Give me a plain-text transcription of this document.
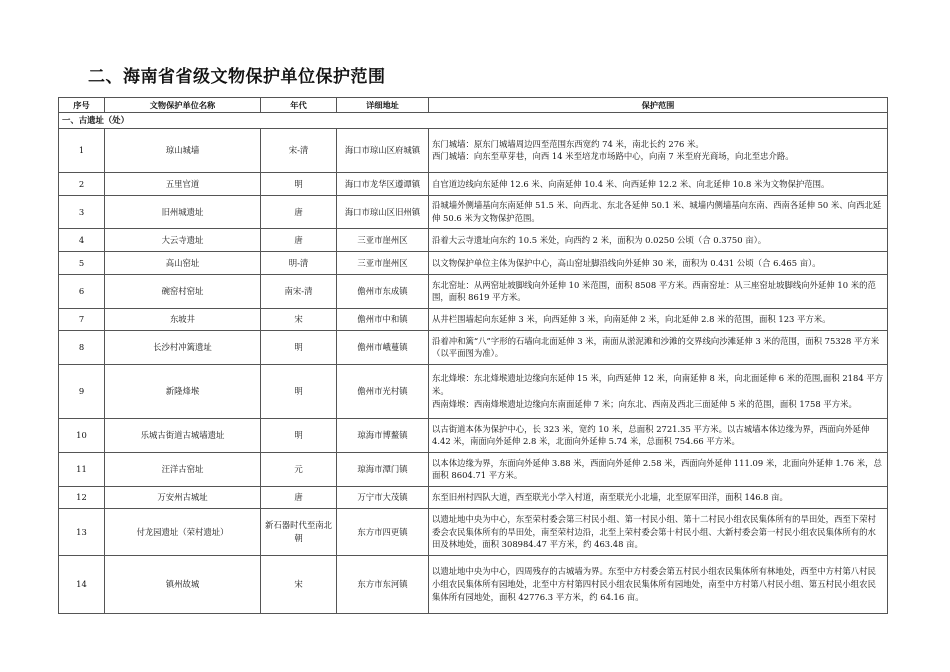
二、海南省省级文物保护单位保护范围
序号	文物保护单位名称	年代	详细地址	保护范围
一、古遗址（处）				
1	琼山城墙	宋-清	海口市琼山区府城镇	东门城墙：原东门城墙周边四至范围东西宽约 74 米，南北长约 276 米。
西门城墙：向东至草芽巷，向西 14 米至培龙市场路中心，向南 7 米至府光商场，向北至忠介路。

2	五里官道	明	海口市龙华区遵谭镇	自官道边线向东延伸 12.6 米、向南延伸 10.4 米、向西延伸 12.2 米、向北延伸 10.8 米为文物保护范围。

3	旧州城遗址	唐	海口市琼山区旧州镇	沿城墙外侧墙基向东南延伸 51.5 米、向西北、东北各延伸 50.1 米、城墙内侧墙基向东南、西南各延伸 50 米、向西北延伸 50.6 米为文物保护范围。

4	大云寺遗址	唐	三亚市崖州区	沿着大云寺遗址向东约 10.5 米处，向西约 2 米，面积为 0.0250 公顷（合 0.3750 亩）。

5	高山窑址	明-清	三亚市崖州区	以文物保护单位主体为保护中心，高山窑址脚沿线向外延伸 30 米，面积为 0.431 公顷（合 6.465 亩）。

6	碗窑村窑址	南宋-清	儋州市东成镇	东北窑址：从两窑址坡脚线向外延伸 10 米范围，面积 8508 平方米。西南窑址：从三座窑址坡脚线向外延伸 10 米的范围，面积 8619 平方米。

7	东坡井	宋	儋州市中和镇	从井栏围墙起向东延伸 3 米，向西延伸 3 米，向南延伸 2 米，向北延伸 2.8 米的范围，面积 123 平方米。

8	长沙村冲篱遗址	明	儋州市峨蔓镇	沿着冲和篱“八”字形的石墙向北面延伸 3 米，南面从淤泥滩和沙滩的交界线向沙滩延伸 3 米的范围，面积 75328 平方米（以平面图为准）。

9	新隆烽堠	明	儋州市光村镇	东北烽堠：东北烽堠遗址边缘向东延伸 15 米，向西延伸 12 米，向南延伸 8 米，向北面延伸 6 米的范围,面积 2184 平方米。
西南烽堠：西南烽堠遗址边缘向东南面延伸 7 米；向东北、西南及西北三面延伸 5 米的范围，面积 1758 平方米。

10	乐城古街道古城墙遗址	明	琼海市博鳌镇	以古街道本体为保护中心，长 323 米，宽约 10 米，总面积 2721.35 平方米。以古城墙本体边缘为界，西面向外延伸 4.42 米，南面向外延伸 2.8 米，北面向外延伸 5.74 米，总面积 754.66 平方米。

11	汪洋古窑址	元	琼海市潭门镇	以本体边缘为界，东面向外延伸 3.88 米，西面向外延伸 2.58 米，西面向外延伸 111.09 米，北面向外延伸 1.76 米，总面积 8604.71 平方米。

12	万安州古城址	唐	万宁市大茂镇	东至旧州村四队大道，西至联光小学入村道，南至联光小北墙，北至原军田洋，面积 146.8 亩。

13	付龙园遗址（荣村遗址）	新石器时代至南北朝	东方市四更镇	以遗址地中央为中心，东至荣村委会第三村民小组、第一村民小组、第十二村民小组农民集体所有的旱田处，西至下荣村委会农民集体所有的旱田处，南至荣村边沿，北至上荣村委会第十村民小组、大新村委会第一村民小组农民集体所有的水田及林地处，面积 308984.47 平方米，约 463.48 亩。

14	镇州故城	宋	东方市东河镇	以遗址地中央为中心，四周残存的古城墙为界。东至中方村委会第五村民小组农民集体所有林地处，西至中方村第八村民小组农民集体所有园地处，北至中方村第四村民小组农民集体所有园地处，南至中方村第八村民小组、第五村民小组农民集体所有园地处，面积 42776.3 平方米，约 64.16 亩。
